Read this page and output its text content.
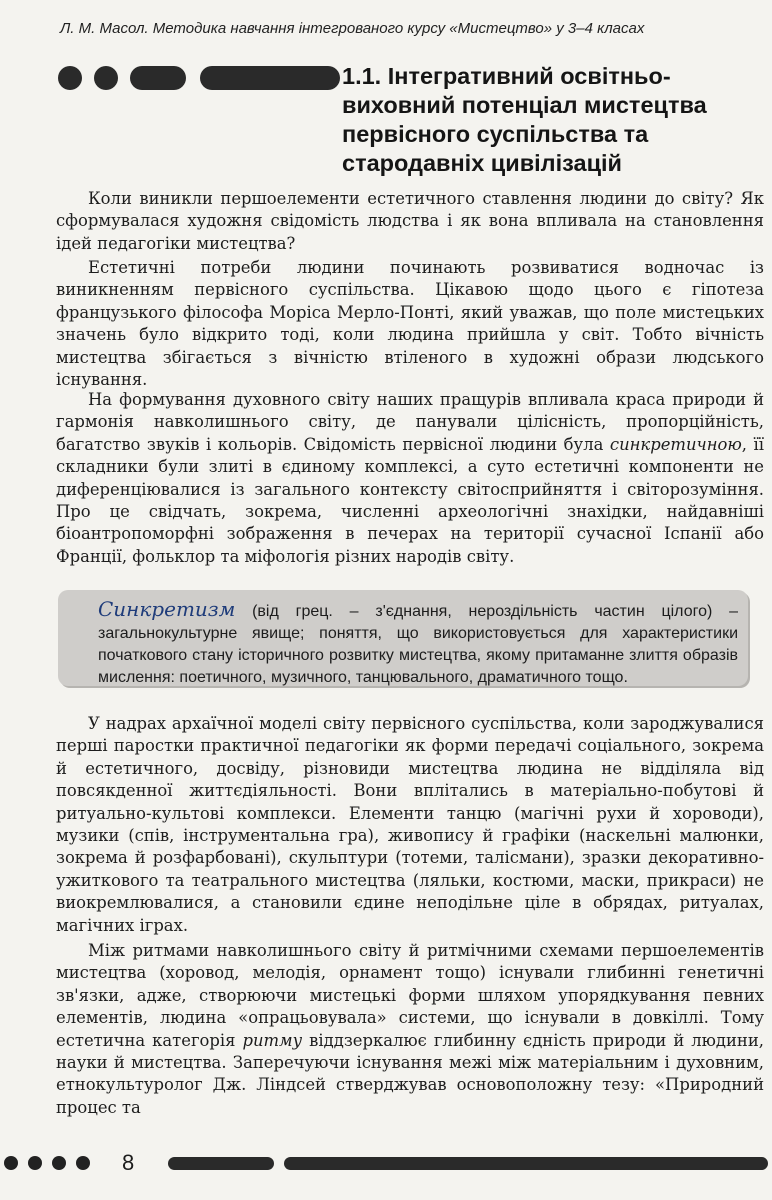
Л. М. Масол. Методика навчання інтегрованого курсу «Мистецтво» у 3–4 класах
1.1. Інтегративний освітньо-виховний потенціал мистецтва первісного суспільства та стародавніх цивілізацій

Коли виникли першоелементи естетичного ставлення людини до світу? Як сформувалася художня свідомість людства і як вона впливала на становлення ідей педагогіки мистецтва?

Естетичні потреби людини починають розвиватися водночас із виникненням первісного суспільства. Цікавою щодо цього є гіпотеза французького філософа Моріса Мерло-Понті, який уважав, що поле мистецьких значень було відкрито тоді, коли людина прийшла у світ. Тобто вічність мистецтва збігається з вічністю втіленого в художні образи людського існування.

На формування духовного світу наших пращурів впливала краса природи й гармонія навколишнього світу, де панували цілісність, пропорційність, багатство звуків і кольорів. Свідомість первісної людини була синкретичною, її складники були злиті в єдиному комплексі, а суто естетичні компоненти не диференціювалися із загального контексту світосприйняття і світорозуміння. Про це свідчать, зокрема, численні археологічні знахідки, найдавніші біоантропоморфні зображення в печерах на території сучасної Іспанії або Франції, фольклор та міфологія різних народів світу.

Синкретизм (від грец. – з'єднання, нероздільність частин цілого) – загальнокультурне явище; поняття, що використовується для характеристики початкового стану історичного розвитку мистецтва, якому притаманне злиття образів мислення: поетичного, музичного, танцювального, драматичного тощо.

У надрах архаїчної моделі світу первісного суспільства, коли зароджувалися перші паростки практичної педагогіки як форми передачі соціального, зокрема й естетичного, досвіду, різновиди мистецтва людина не відділяла від повсякденної життєдіяльності. Вони вплітались в матеріально-побутові й ритуально-культові комплекси. Елементи танцю (магічні рухи й хороводи), музики (спів, інструментальна гра), живопису й графіки (наскельні малюнки, зокрема й розфарбовані), скульптури (тотеми, талісмани), зразки декоративно-ужиткового та театрального мистецтва (ляльки, костюми, маски, прикраси) не виокремлювалися, а становили єдине неподільне ціле в обрядах, ритуалах, магічних іграх.

Між ритмами навколишнього світу й ритмічними схемами першоелементів мистецтва (хоровод, мелодія, орнамент тощо) існували глибинні генетичні зв'язки, адже, створюючи мистецькі форми шляхом упорядкування певних елементів, людина «опрацьовувала» системи, що існували в довкіллі. Тому естетична категорія ритму віддзеркалює глибинну єдність природи й людини, науки й мистецтва. Заперечуючи існування межі між матеріальним і духовним, етнокультуролог Дж. Ліндсей стверджував основоположну тезу: «Природний процес та

8
